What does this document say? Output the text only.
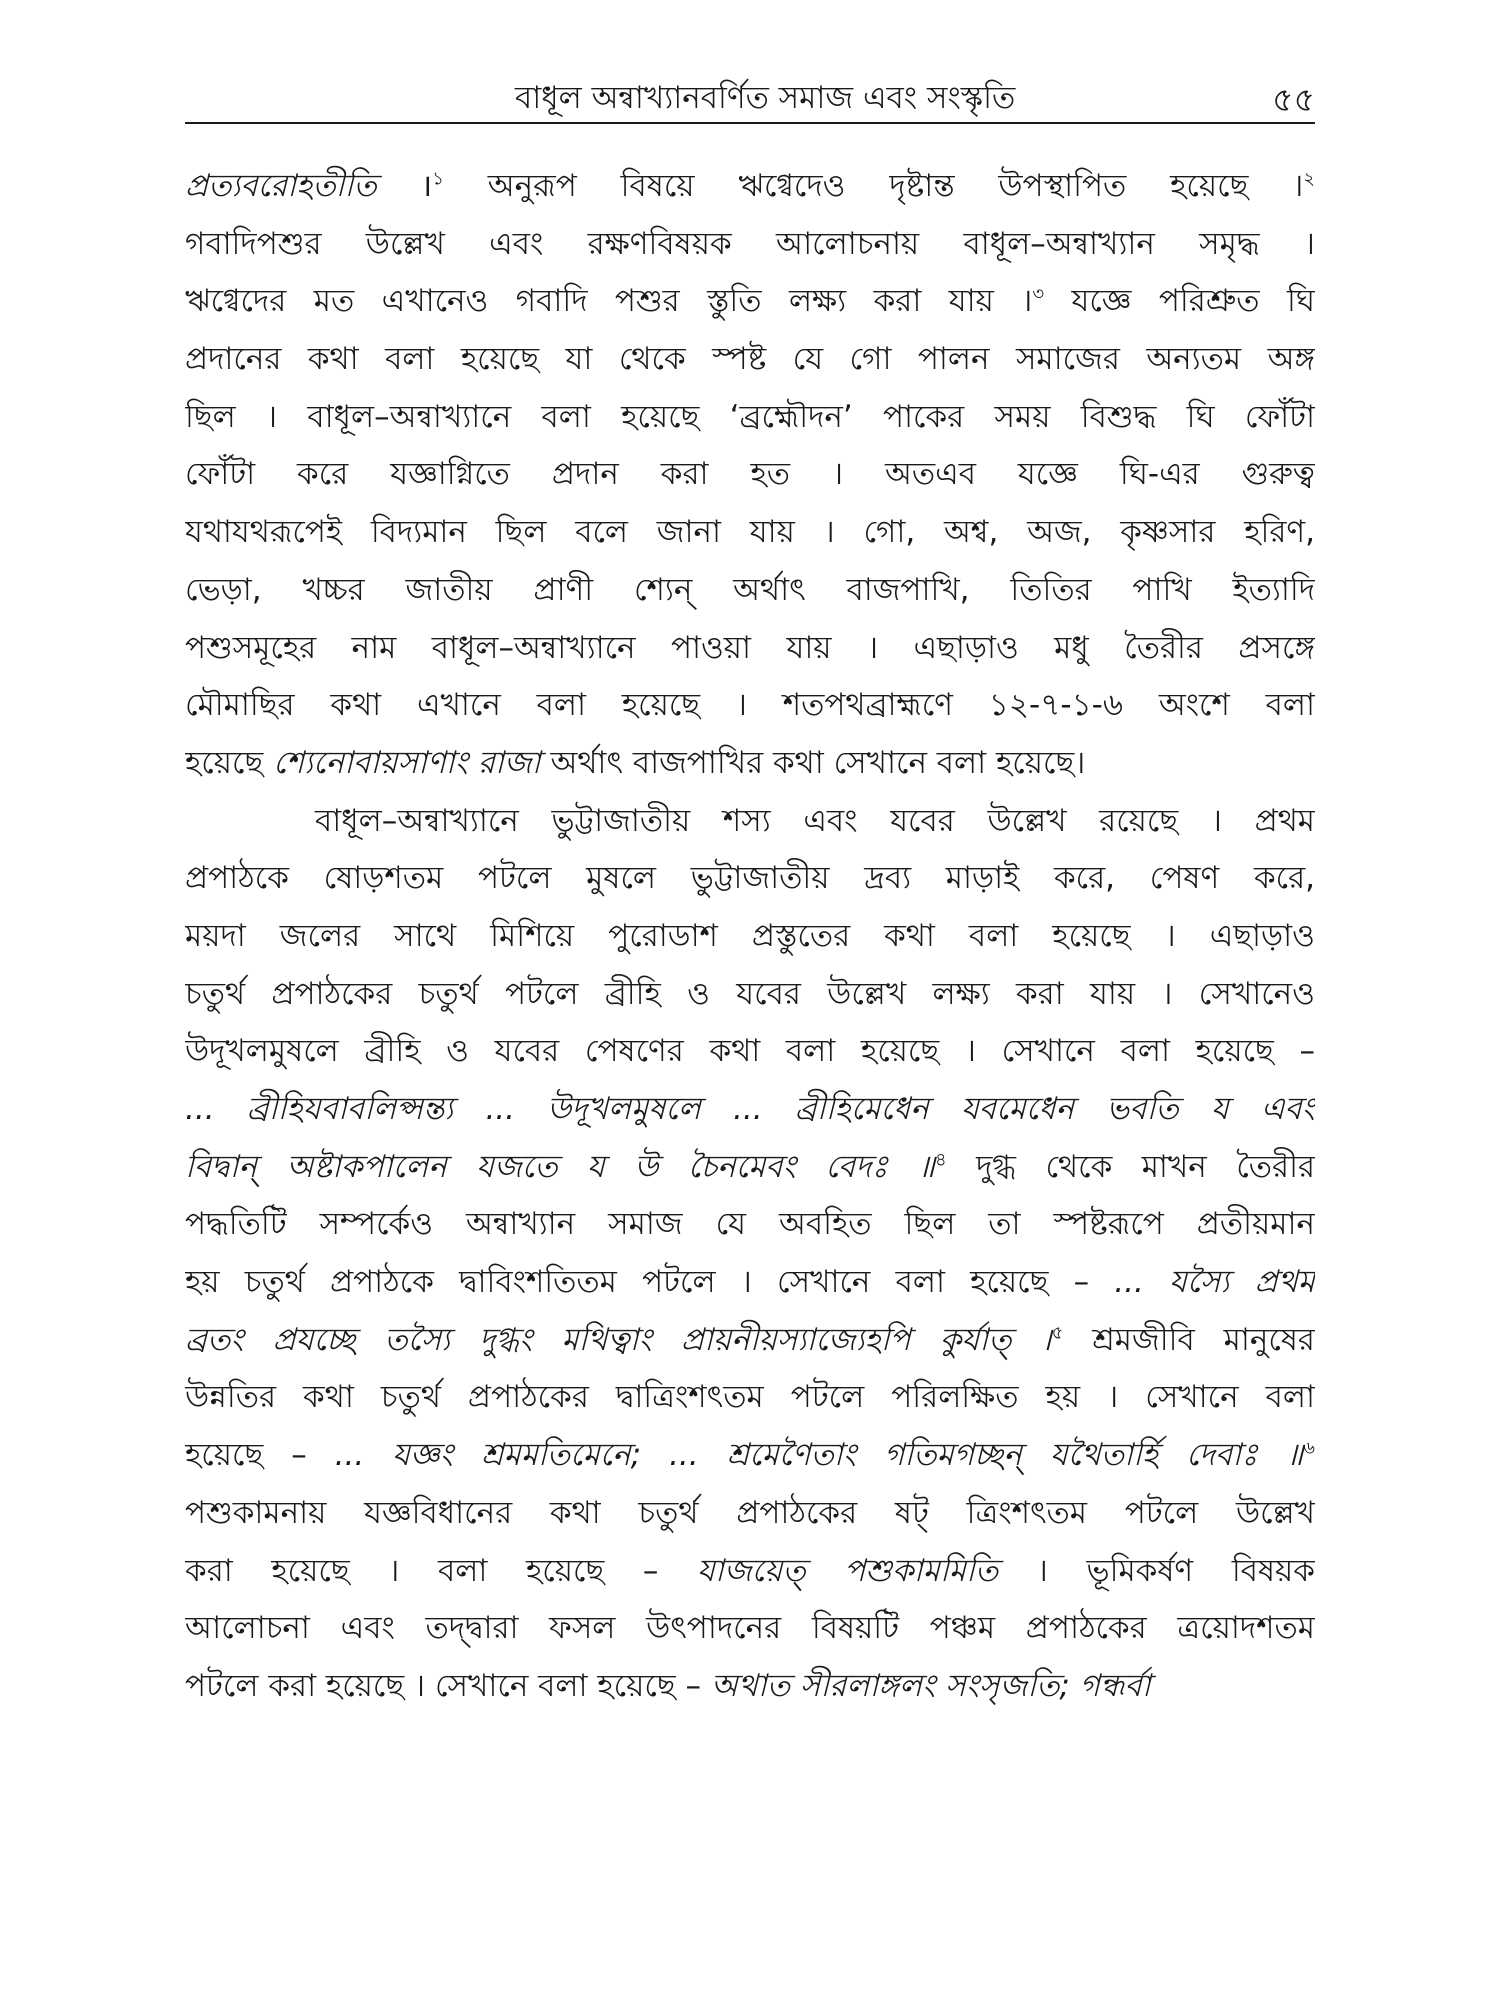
বাধূল অন্বাখ্যানবর্ণিত সমাজ এবং সংস্কৃতি	৫৫
প্রত্যবরোহতীতি ।$^১$ অনুরূপ বিষয়ে ঋগ্বেদেও দৃষ্টান্ত উপস্থাপিত হয়েছে ।$^২$
গবাদিপশুর উল্লেখ এবং রক্ষণবিষয়ক আলোচনায় বাধূল–অন্বাখ্যান সমৃদ্ধ ।
ঋগ্বেদের মত এখানেও গবাদি পশুর স্তুতি লক্ষ্য করা যায় ।$^৩$ যজ্ঞে পরিশ্রুত ঘি
প্রদানের কথা বলা হয়েছে যা থেকে স্পষ্ট যে গো পালন সমাজের অন্যতম অঙ্গ
ছিল । বাধূল–অন্বাখ্যানে বলা হয়েছে ‘ব্রহ্মৌদন’ পাকের সময় বিশুদ্ধ ঘি ফোঁটা
ফোঁটা করে যজ্ঞাগ্নিতে প্রদান করা হত । অতএব যজ্ঞে ঘি-এর গুরুত্ব
যথাযথরূপেই বিদ্যমান ছিল বলে জানা যায় । গো, অশ্ব, অজ, কৃষ্ণসার হরিণ,
ভেড়া, খচ্চর জাতীয় প্রাণী শ্যেন্ অর্থাৎ বাজপাখি, তিতির পাখি ইত্যাদি
পশুসমূহের নাম বাধূল–অন্বাখ্যানে পাওয়া যায় । এছাড়াও মধু তৈরীর প্রসঙ্গে
মৌমাছির কথা এখানে বলা হয়েছে । শতপথব্রাহ্মণে ১২-৭-১-৬ অংশে বলা
হয়েছে শ্যেনোবায়সাণাং রাজা অর্থাৎ বাজপাখির কথা সেখানে বলা হয়েছে।
বাধূল–অন্বাখ্যানে ভুট্টাজাতীয় শস্য এবং যবের উল্লেখ রয়েছে । প্রথম
প্রপাঠকে ষোড়শতম পটলে মুষলে ভুট্টাজাতীয় দ্রব্য মাড়াই করে, পেষণ করে,
ময়দা জলের সাথে মিশিয়ে পুরোডাশ প্রস্তুতের কথা বলা হয়েছে । এছাড়াও
চতুর্থ প্রপাঠকের চতুর্থ পটলে ব্রীহি ও যবের উল্লেখ লক্ষ্য করা যায় । সেখানেও
উদূখলমুষলে ব্রীহি ও যবের পেষণের কথা বলা হয়েছে । সেখানে বলা হয়েছে –
... ব্রীহিযবাবলিপ্সন্ত্য ... উদূখলমুষলে ... ব্রীহিমেধেন যবমেধেন ভবতি য এবং
বিদ্বান্ অষ্টাকপালেন যজতে য উ চৈনমেবং বেদঃ ॥$^৪$ দুগ্ধ থেকে মাখন তৈরীর
পদ্ধতিটি সম্পর্কেও অন্বাখ্যান সমাজ যে অবহিত ছিল তা স্পষ্টরূপে প্রতীয়মান
হয় চতুর্থ প্রপাঠকে দ্বাবিংশতিতম পটলে । সেখানে বলা হয়েছে – ... যস্যৈ প্রথম
ব্রতং প্রযচ্ছে তস্যৈ দুগ্ধং মথিত্বাং প্রায়নীয়স্যাজ্যেহপি কুর্যাত্ ।$^৫$ শ্রমজীবি মানুষের
উন্নতির কথা চতুর্থ প্রপাঠকের দ্বাত্রিংশৎতম পটলে পরিলক্ষিত হয় । সেখানে বলা
হয়েছে – ... যজ্ঞং শ্রমমতিমেনে; ... শ্রমেণৈতাং গতিমগচ্ছন্ যথৈতাৰ্হি দেবাঃ ॥$^৬$
পশুকামনায় যজ্ঞবিধানের কথা চতুর্থ প্রপাঠকের ষট্ ত্রিংশৎতম পটলে উল্লেখ
করা হয়েছে । বলা হয়েছে – যাজয়েত্ পশুকামমিতি । ভূমিকর্ষণ বিষয়ক
আলোচনা এবং তদ্দ্বারা ফসল উৎপাদনের বিষয়টি পঞ্চম প্রপাঠকের ত্রয়োদশতম
পটলে করা হয়েছে । সেখানে বলা হয়েছে – অথাত সীরলাঙ্গলং সংসৃজতি; গন্ধর্বা
